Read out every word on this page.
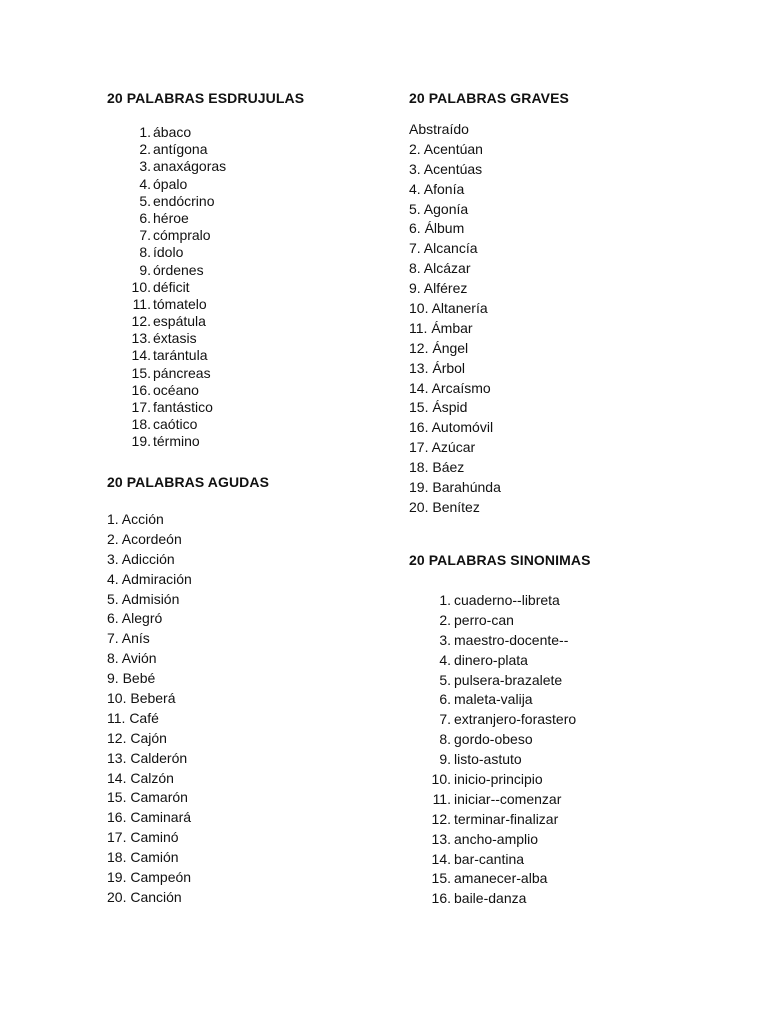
20 PALABRAS ESDRUJULAS
1. ábaco
2. antígona
3. anaxágoras
4. ópalo
5. endócrino
6. héroe
7. cómpralo
8. ídolo
9. órdenes
10. déficit
11. tómatelo
12. espátula
13. éxtasis
14. tarántula
15. páncreas
16. océano
17. fantástico
18. caótico
19. término
20 PALABRAS AGUDAS
1. Acción
2. Acordeón
3. Adicción
4. Admiración
5. Admisión
6. Alegró
7. Anís
8. Avión
9. Bebé
10. Beberá
11. Café
12. Cajón
13. Calderón
14. Calzón
15. Camarón
16. Caminará
17. Caminó
18. Camión
19. Campeón
20. Canción
20 PALABRAS GRAVES
Abstraído
2. Acentúan
3. Acentúas
4. Afonía
5. Agonía
6. Álbum
7. Alcancía
8. Alcázar
9. Alférez
10. Altanería
11. Ámbar
12. Ángel
13. Árbol
14. Arcaísmo
15. Áspid
16. Automóvil
17. Azúcar
18. Báez
19. Barahúnda
20. Benítez
20 PALABRAS SINONIMAS
1. cuaderno--libreta
2. perro-can
3. maestro-docente--
4. dinero-plata
5. pulsera-brazalete
6. maleta-valija
7. extranjero-forastero
8. gordo-obeso
9. listo-astuto
10. inicio-principio
11. iniciar--comenzar
12. terminar-finalizar
13. ancho-amplio
14. bar-cantina
15. amanecer-alba
16. baile-danza
